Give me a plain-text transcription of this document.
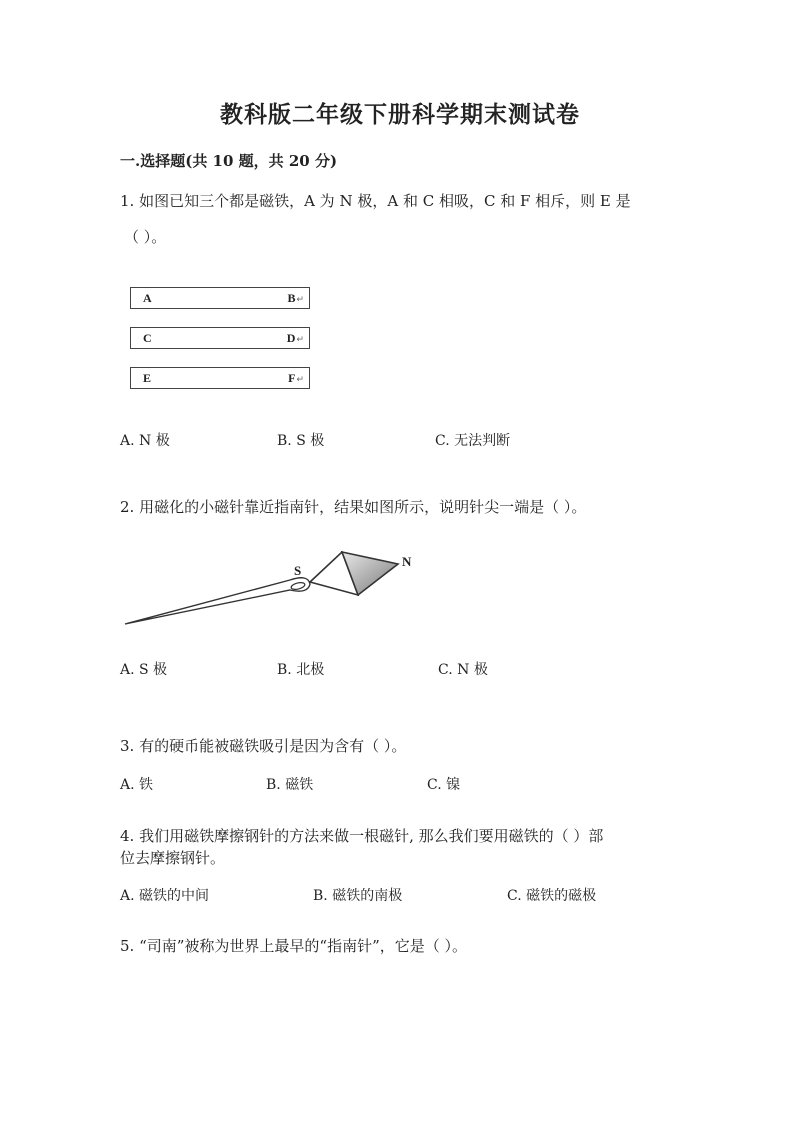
教科版二年级下册科学期末测试卷
一.选择题(共 10 题，共 20 分)
1. 如图已知三个都是磁铁，A 为 N 极，A 和 C 相吸，C 和 F 相斥，则 E 是
（ ）。
A	B↵
C	D↵
E	F↵
A. N 极	B. S 极	C. 无法判断
2. 用磁化的小磁针靠近指南针，结果如图所示，说明针尖一端是（ ）。
S
N
A. S 极	B. 北极	C. N 极
3. 有的硬币能被磁铁吸引是因为含有（ ）。
A. 铁	B. 磁铁	C. 镍
4. 我们用磁铁摩擦钢针的方法来做一根磁针, 那么我们要用磁铁的（ ）部
位去摩擦钢针。
A. 磁铁的中间	B. 磁铁的南极	C. 磁铁的磁极
5. “司南”被称为世界上最早的“指南针”，它是（ ）。
